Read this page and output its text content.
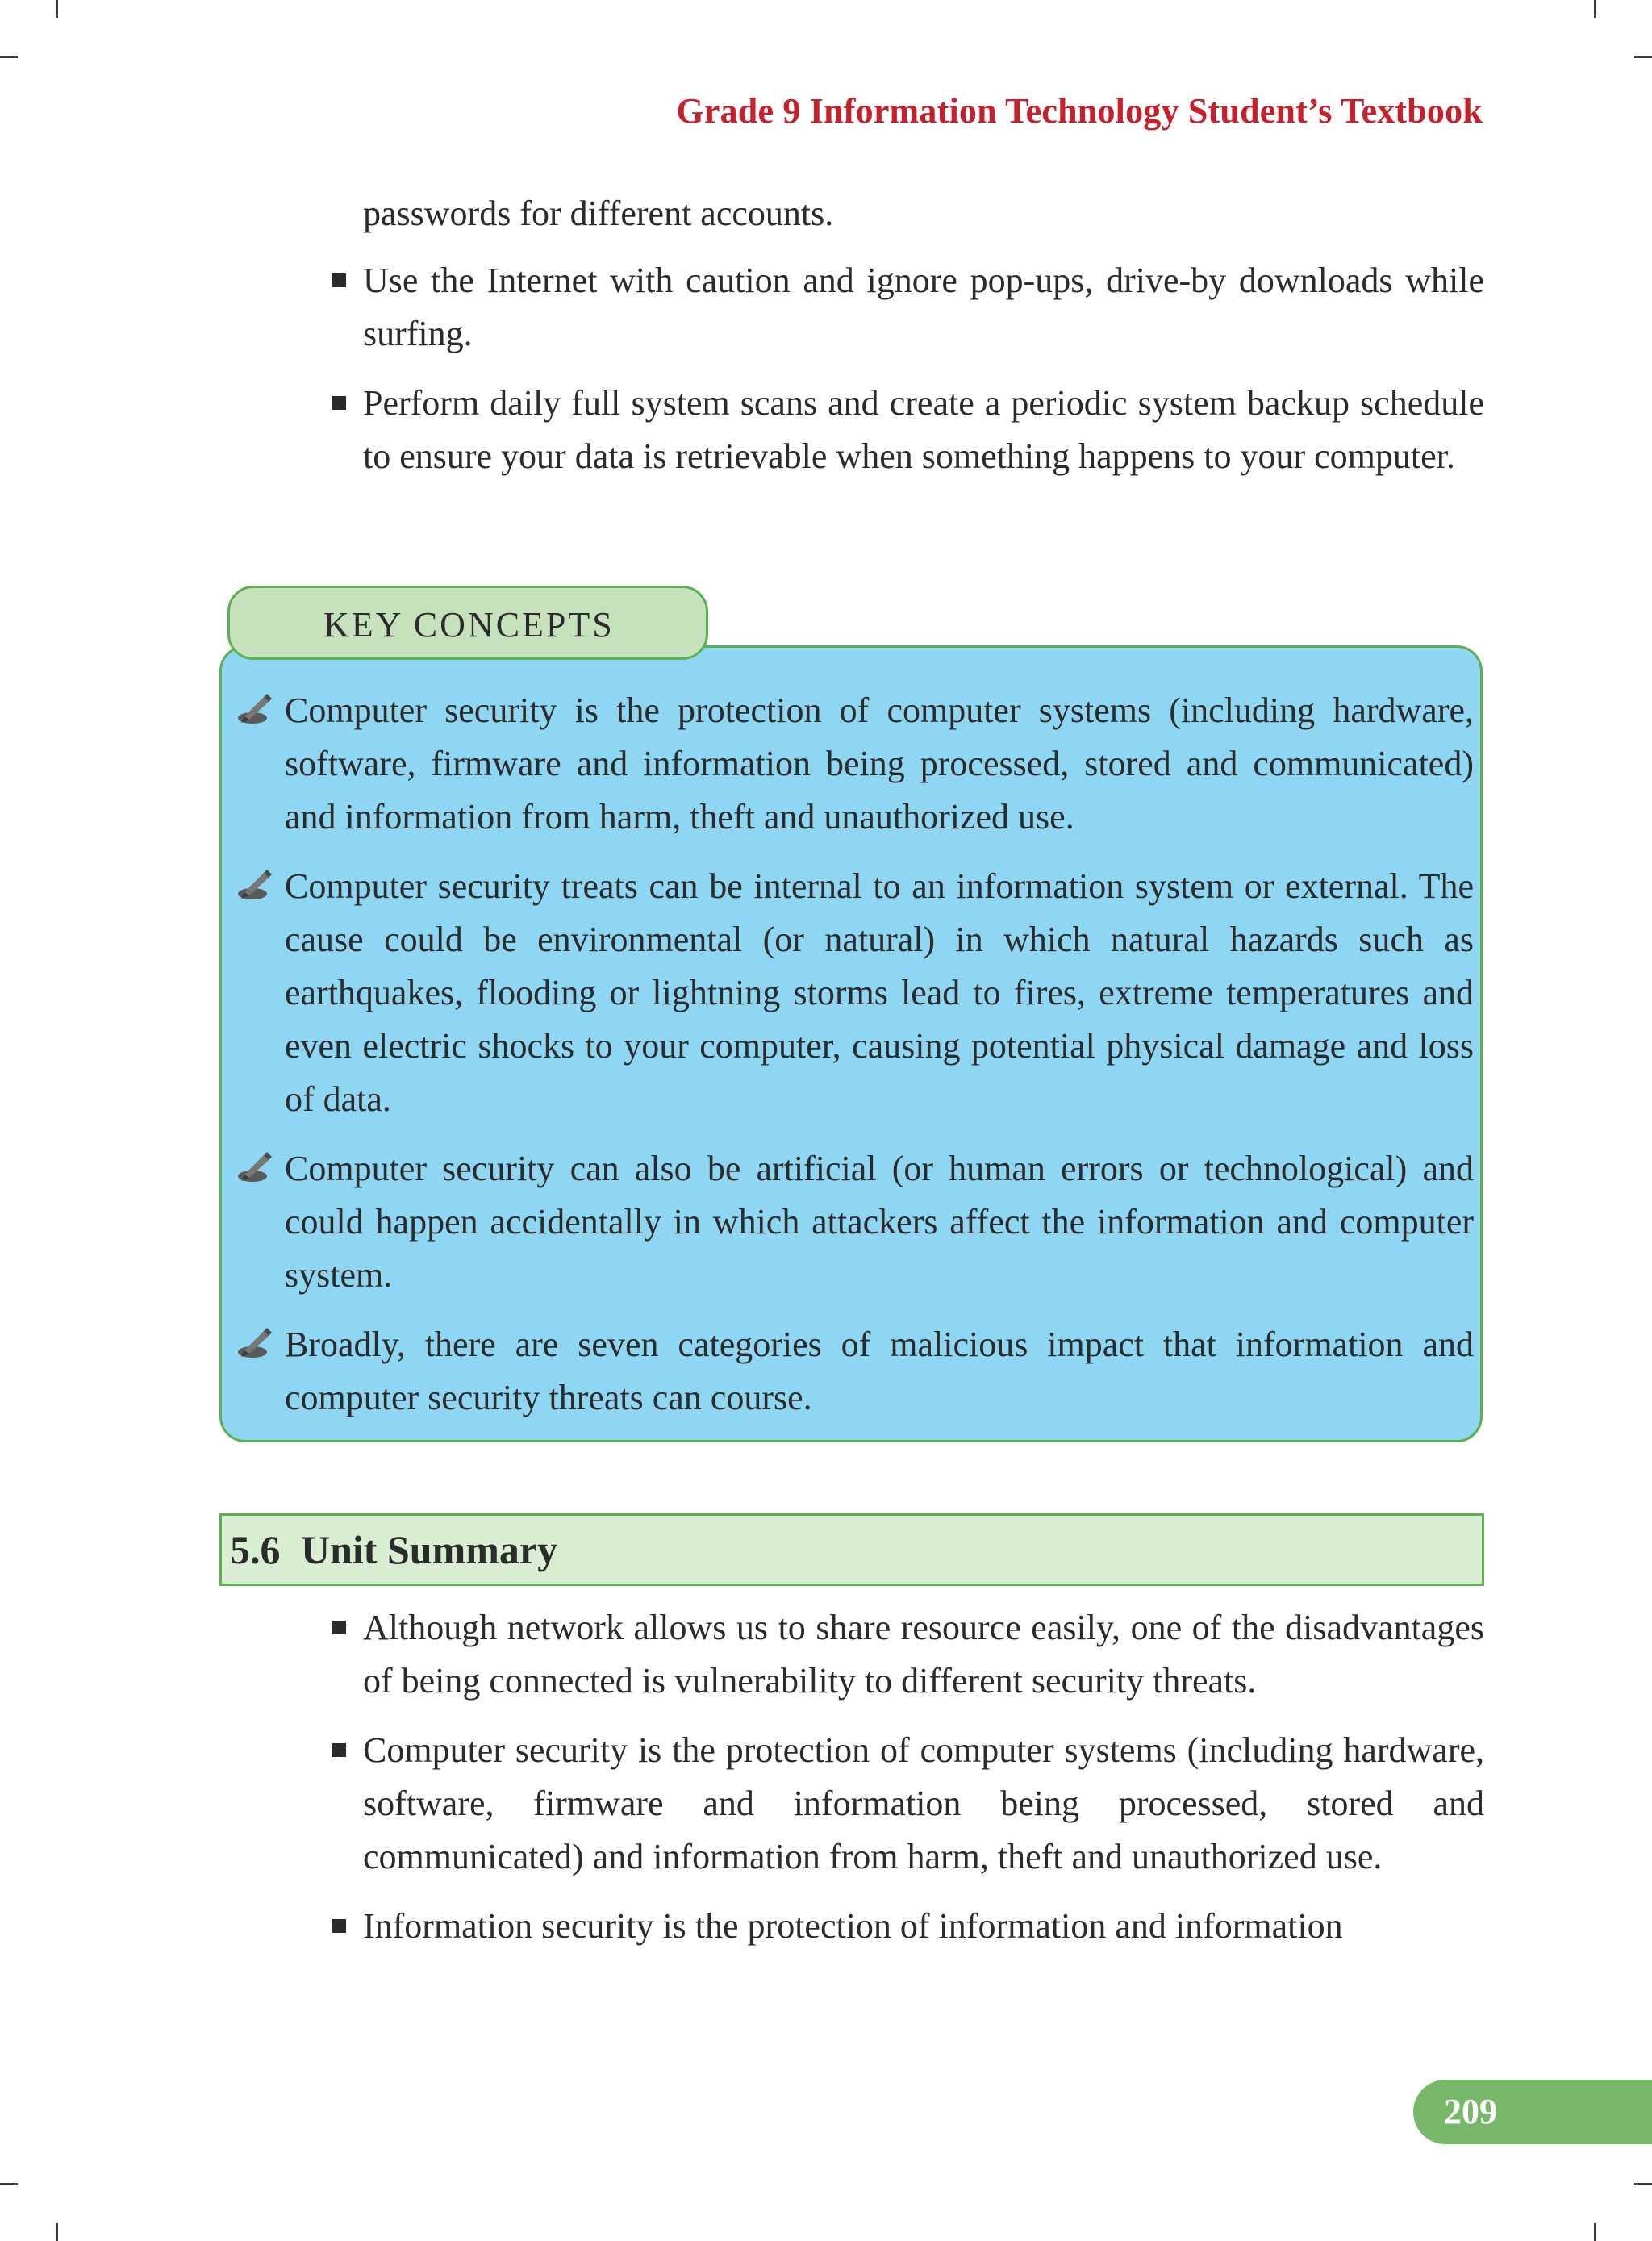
Grade 9 Information Technology Student’s Textbook
passwords for different accounts.
Use the Internet with caution and ignore pop-ups, drive-by downloads while surfing.
Perform daily full system scans and create a periodic system backup schedule to ensure your data is retrievable when something happens to your computer.
KEY CONCEPTS
Computer security is the protection of computer systems (including hardware, software, firmware and information being processed, stored and communicated) and information from harm, theft and unauthorized use.
Computer security treats can be internal to an information system or external. The cause could be environmental (or natural) in which natural hazards such as earthquakes, flooding or lightning storms lead to fires, extreme temperatures and even electric shocks to your computer, causing potential physical damage and loss of data.
Computer security can also be artificial (or human errors or technological) and could happen accidentally in which attackers affect the information and computer system.
Broadly, there are seven categories of malicious impact that information and computer security threats can course.
5.6 Unit Summary
Although network allows us to share resource easily, one of the disadvantages of being connected is vulnerability to different security threats.
Computer security is the protection of computer systems (including hardware, software, firmware and information being processed, stored and communicated) and information from harm, theft and unauthorized use.
Information security is the protection of information and information
209
